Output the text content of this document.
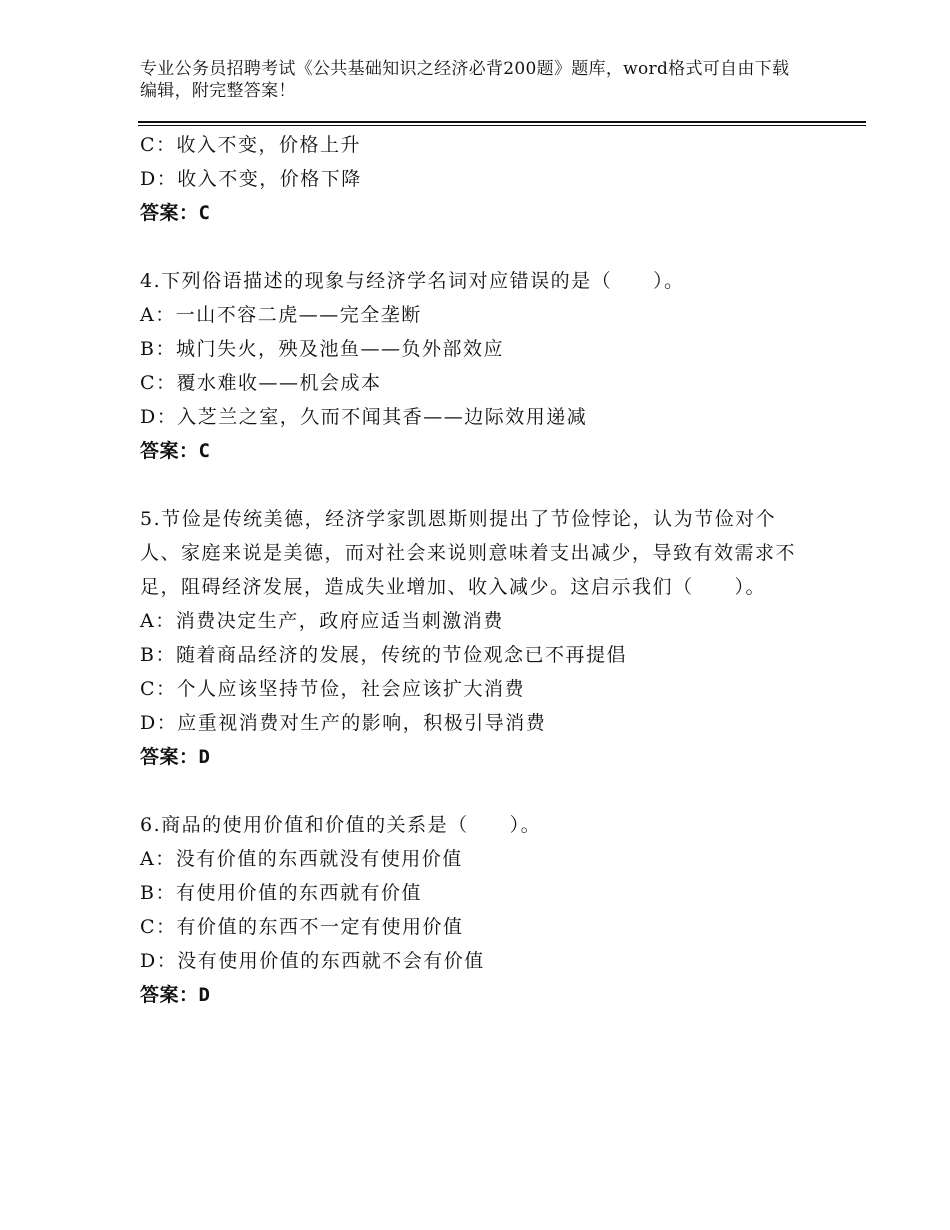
专业公务员招聘考试《公共基础知识之经济必背200题》题库，word格式可自由下载编辑，附完整答案！
C：收入不变，价格上升
D：收入不变，价格下降
答案：C
4.下列俗语描述的现象与经济学名词对应错误的是（　　）。
A：一山不容二虎——完全垄断
B：城门失火，殃及池鱼——负外部效应
C：覆水难收——机会成本
D：入芝兰之室，久而不闻其香——边际效用递减
答案：C
5.节俭是传统美德，经济学家凯恩斯则提出了节俭悖论，认为节俭对个人、家庭来说是美德，而对社会来说则意味着支出减少，导致有效需求不足，阻碍经济发展，造成失业增加、收入减少。这启示我们（　　）。
A：消费决定生产，政府应适当刺激消费
B：随着商品经济的发展，传统的节俭观念已不再提倡
C：个人应该坚持节俭，社会应该扩大消费
D：应重视消费对生产的影响，积极引导消费
答案：D
6.商品的使用价值和价值的关系是（　　）。
A：没有价值的东西就没有使用价值
B：有使用价值的东西就有价值
C：有价值的东西不一定有使用价值
D：没有使用价值的东西就不会有价值
答案：D
